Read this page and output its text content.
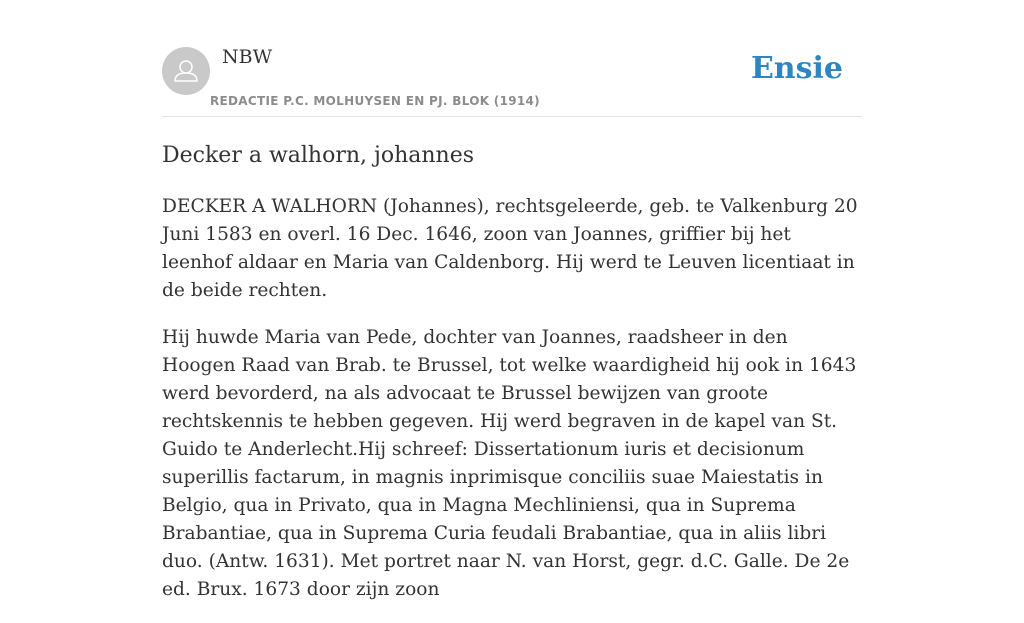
NBW

REDACTIE P.C. MOLHUYSEN EN PJ. BLOK (1914)

Ensie
Decker a walhorn, johannes

DECKER A WALHORN (Johannes), rechtsgeleerde, geb. te Valkenburg 20 Juni 1583 en overl. 16 Dec. 1646, zoon van Joannes, griffier bij het leenhof aldaar en Maria van Caldenborg. Hij werd te Leuven licentiaat in de beide rechten.

Hij huwde Maria van Pede, dochter van Joannes, raadsheer in den Hoogen Raad van Brab. te Brussel, tot welke waardigheid hij ook in 1643 werd bevorderd, na als advocaat te Brussel bewijzen van groote rechtskennis te hebben gegeven. Hij werd begraven in de kapel van St. Guido te Anderlecht.Hij schreef: Dissertationum iuris et decisionum superillis factarum, in magnis inprimisque conciliis suae Maiestatis in Belgio, qua in Privato, qua in Magna Mechliniensi, qua in Suprema Brabantiae, qua in Suprema Curia feudali Brabantiae, qua in aliis libri duo. (Antw. 1631). Met portret naar N. van Horst, gegr. d.C. Galle. De 2e ed. Brux. 1673 door zijn zoon
